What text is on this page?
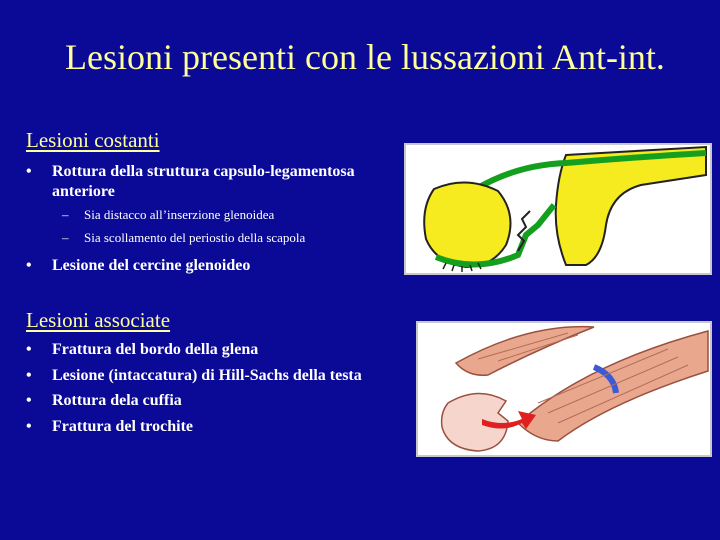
Lesioni presenti con le lussazioni Ant-int.
Lesioni costanti
•	Rottura della struttura capsulo-legamentosa
anteriore
– Sia distacco all’inserzione glenoidea
– Sia scollamento del periostio della scapola
•	Lesione del cercine glenoideo
Lesioni associate
•	Frattura del bordo della glena
•	Lesione (intaccatura) di Hill-Sachs della testa
•	Rottura dela cuffia
•	Frattura del trochite
